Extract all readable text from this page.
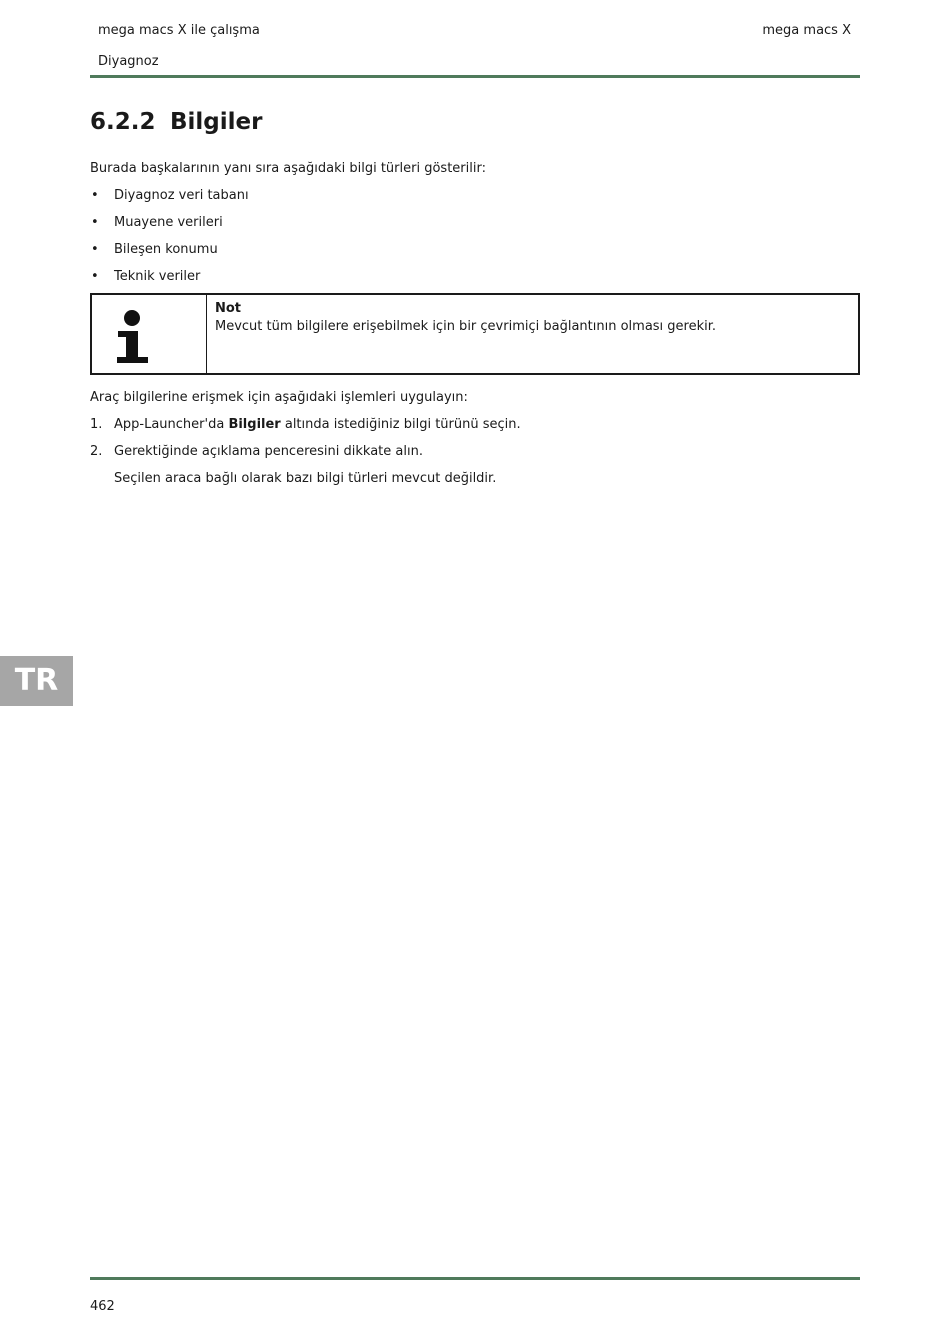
mega macs X ile çalışma	mega macs X
Diyagnoz
6.2.2 Bilgiler

Burada başkalarının yanı sıra aşağıdaki bilgi türleri gösterilir:

• Diyagnoz veri tabanı
• Muayene verileri
• Bileşen konumu
• Teknik veriler
Not
Mevcut tüm bilgilere erişebilmek için bir çevrimiçi bağlantının olması gerekir.

Araç bilgilerine erişmek için aşağıdaki işlemleri uygulayın:

1. App-Launcher'da Bilgiler altında istediğiniz bilgi türünü seçin.
2. Gerektiğinde açıklama penceresini dikkate alın.
Seçilen araca bağlı olarak bazı bilgi türleri mevcut değildir.
TR
462
